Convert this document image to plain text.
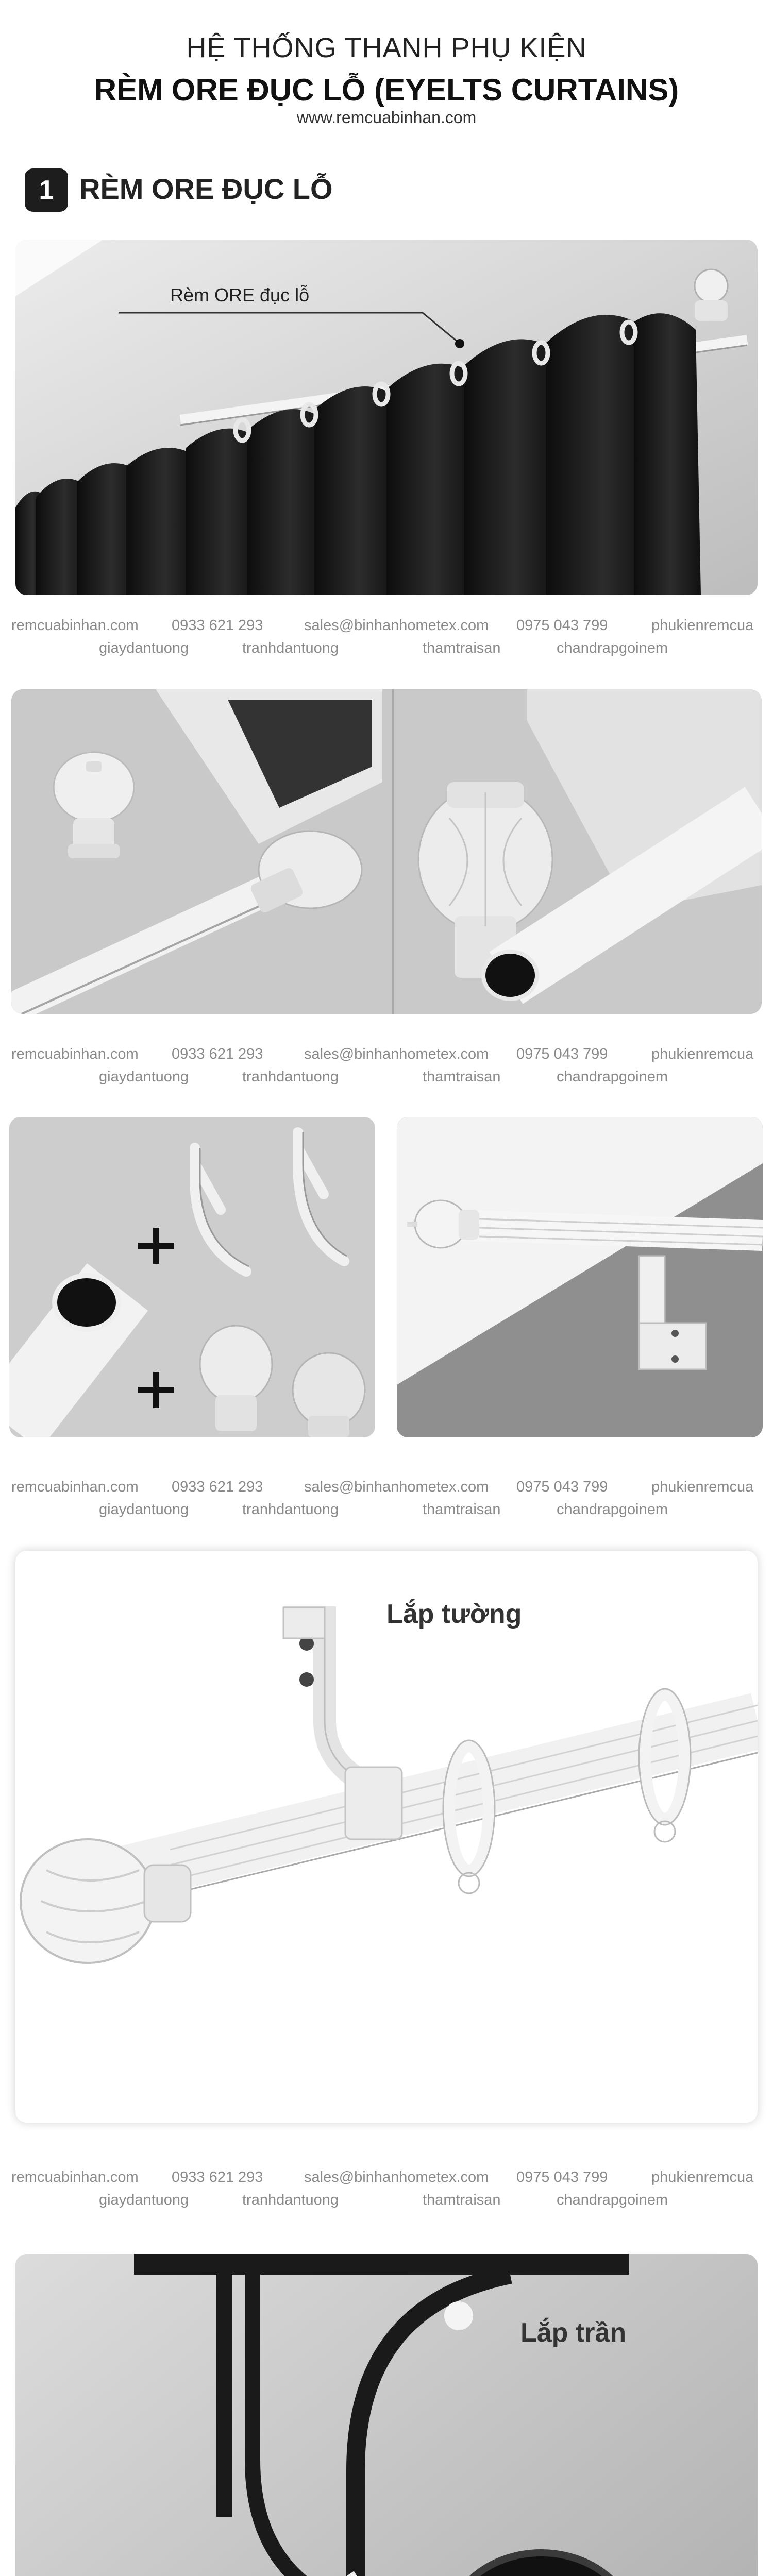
HỆ THỐNG THANH PHỤ KIỆN
RÈM ORE ĐỤC LỖ (EYELTS CURTAINS)
www.remcuabinhan.com
1 RÈM ORE ĐỤC LỖ
Rèm ORE đục lỗ
remcuabinhan.com 0933 621 293	sales@binhanhometex.com 0975 043 799	phukienremcua
giaydantuong	tranhdantuong	thamtraisan	chandrapgoinem
remcuabinhan.com 0933 621 293	sales@binhanhometex.com 0975 043 799	phukienremcua
giaydantuong	tranhdantuong	thamtraisan	chandrapgoinem
remcuabinhan.com 0933 621 293	sales@binhanhometex.com 0975 043 799	phukienremcua
giaydantuong	tranhdantuong	thamtraisan	chandrapgoinem
Lắp tường
remcuabinhan.com 0933 621 293	sales@binhanhometex.com 0975 043 799	phukienremcua
giaydantuong	tranhdantuong	thamtraisan	chandrapgoinem
Lắp trần
